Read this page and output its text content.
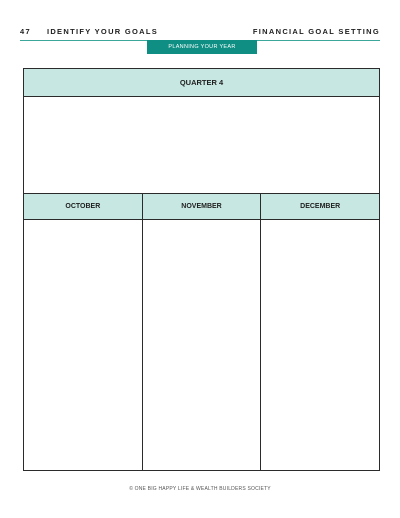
47 IDENTIFY YOUR GOALS	FINANCIAL GOAL SETTING
PLANNING YOUR YEAR
QUARTER 4
OCTOBER	NOVEMBER	DECEMBER
© ONE BIG HAPPY LIFE & WEALTH BUILDERS SOCIETY
